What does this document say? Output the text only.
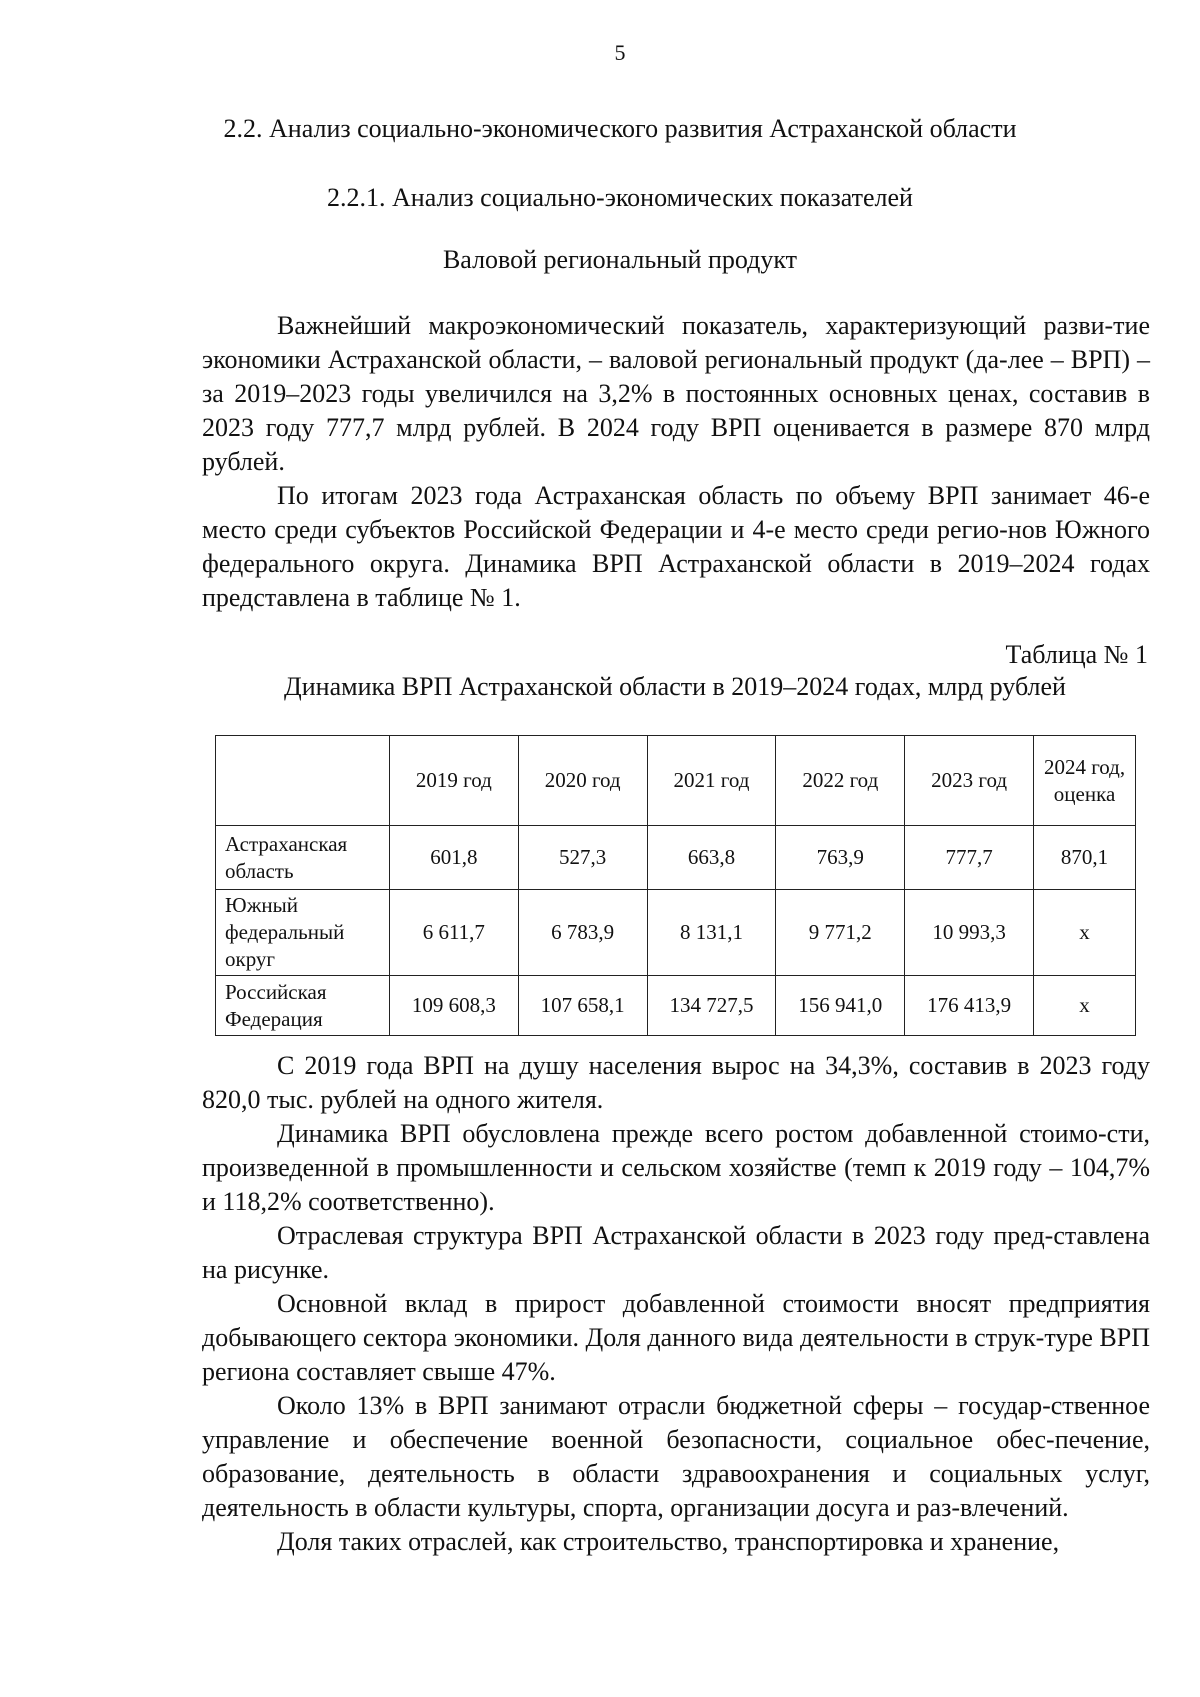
5
2.2. Анализ социально-экономического развития Астраханской области
2.2.1. Анализ социально-экономических показателей
Валовой региональный продукт

Важнейший макроэкономический показатель, характеризующий разви-тие экономики Астраханской области, – валовой региональный продукт (да-лее – ВРП) – за 2019–2023 годы увеличился на 3,2% в постоянных основных ценах, составив в 2023 году 777,7 млрд рублей. В 2024 году ВРП оценивается в размере 870 млрд рублей.

По итогам 2023 года Астраханская область по объему ВРП занимает 46-е место среди субъектов Российской Федерации и 4-е место среди регио-нов Южного федерального округа. Динамика ВРП Астраханской области в 2019–2024 годах представлена в таблице № 1.

Таблица № 1
Динамика ВРП Астраханской области в 2019–2024 годах, млрд рублей
	2019 год	2020 год	2021 год	2022 год	2023 год	2024 год, оценка
Астраханская область	601,8	527,3	663,8	763,9	777,7	870,1
Южный федеральный округ	6 611,7	6 783,9	8 131,1	9 771,2	10 993,3	х
Российская Федерация	109 608,3	107 658,1	134 727,5	156 941,0	176 413,9	х

С 2019 года ВРП на душу населения вырос на 34,3%, составив в 2023 году 820,0 тыс. рублей на одного жителя.

Динамика ВРП обусловлена прежде всего ростом добавленной стоимо-сти, произведенной в промышленности и сельском хозяйстве (темп к 2019 году – 104,7% и 118,2% соответственно).

Отраслевая структура ВРП Астраханской области в 2023 году пред-ставлена на рисунке.

Основной вклад в прирост добавленной стоимости вносят предприятия добывающего сектора экономики. Доля данного вида деятельности в струк-туре ВРП региона составляет свыше 47%.

Около 13% в ВРП занимают отрасли бюджетной сферы – государ-ственное управление и обеспечение военной безопасности, социальное обес-печение, образование, деятельность в области здравоохранения и социальных услуг, деятельность в области культуры, спорта, организации досуга и раз-влечений.

Доля таких отраслей, как строительство, транспортировка и хранение,
